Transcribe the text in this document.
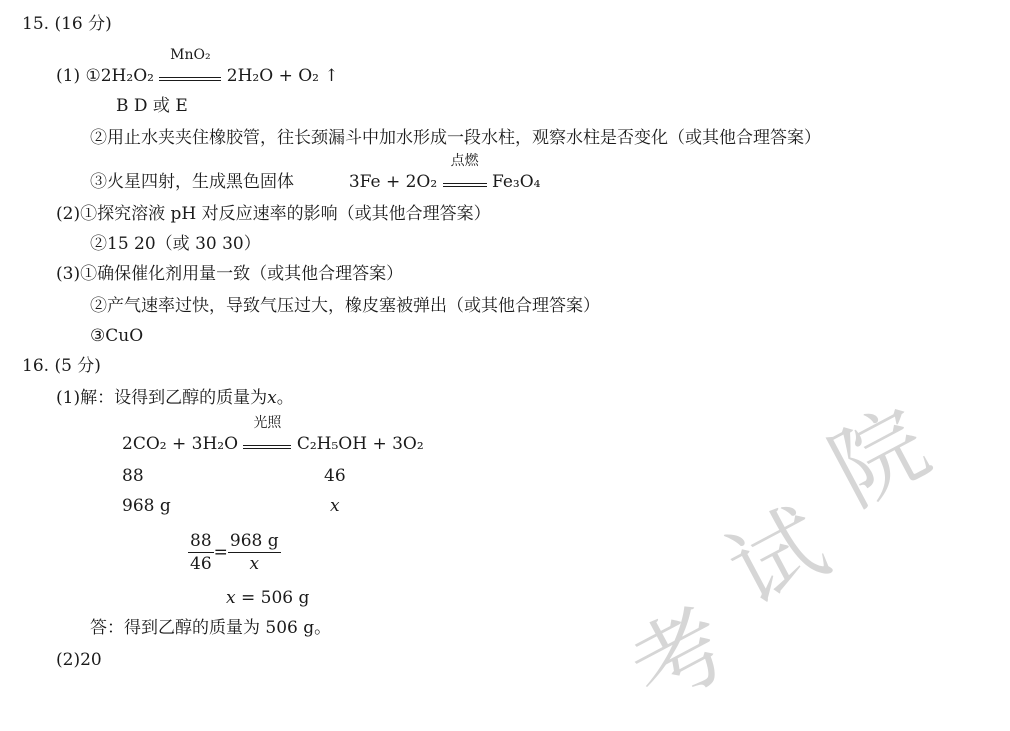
考
试
院
15. (16 分)
(1) ①2H₂O₂
MnO₂
2H₂O + O₂ ↑
B D 或 E
②用止水夹夹住橡胶管，往长颈漏斗中加水形成一段水柱，观察水柱是否变化（或其他合理答案）
③火星四射，生成黑色固体	3Fe + 2O₂
点燃
Fe₃O₄
(2)①探究溶液 pH 对反应速率的影响（或其他合理答案）
②15 20（或 30 30）
(3)①确保催化剂用量一致（或其他合理答案）
②产气速率过快，导致气压过大，橡皮塞被弹出（或其他合理答案）
③CuO
16. (5 分)
(1)解：设得到乙醇的质量为x。
2CO₂ + 3H₂O
光照
C₂H₅OH + 3O₂
88	46
968 g	x
$\frac{88}{46} = \frac{968 g}{x}$
x = 506 g
答：得到乙醇的质量为 506 g。
(2)20
